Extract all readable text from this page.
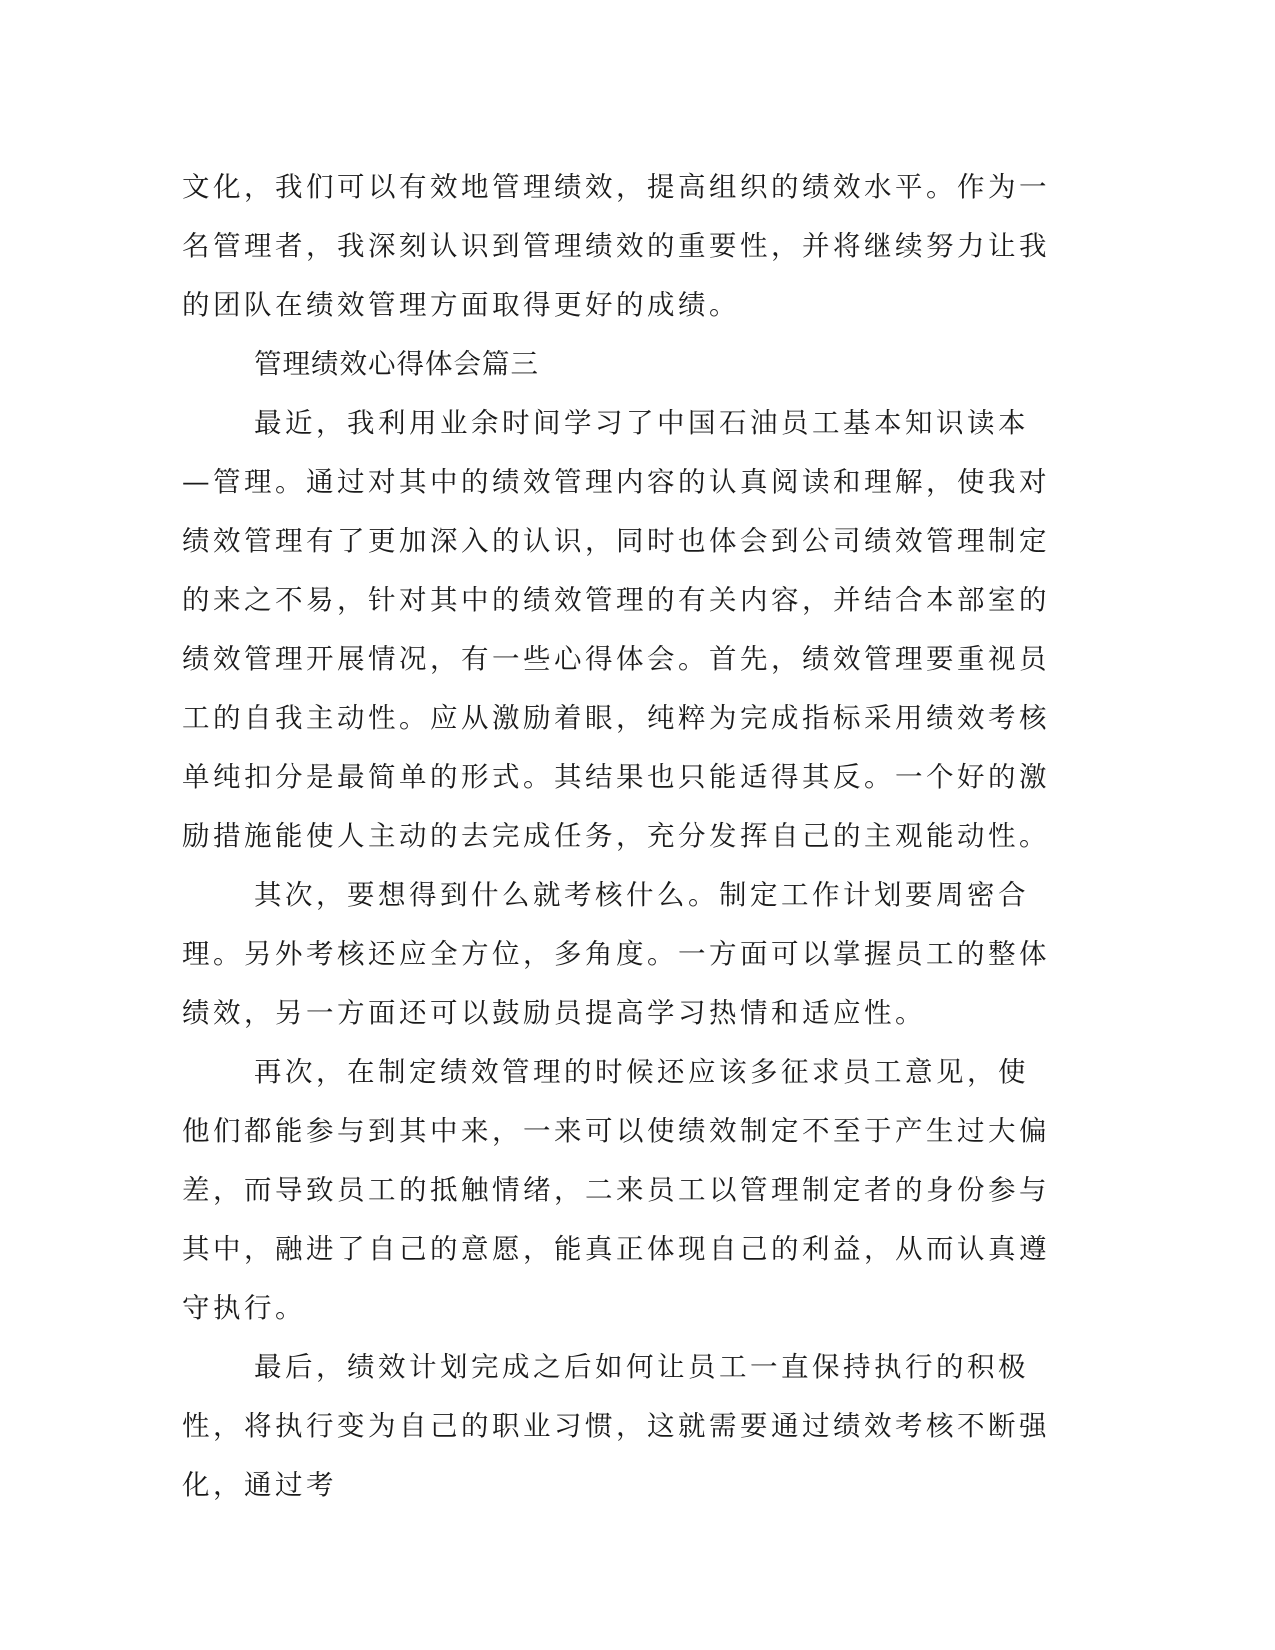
文化，我们可以有效地管理绩效，提高组织的绩效水平。作为一名管理者，我深刻认识到管理绩效的重要性，并将继续努力让我的团队在绩效管理方面取得更好的成绩。

管理绩效心得体会篇三

最近，我利用业余时间学习了中国石油员工基本知识读本—管理。通过对其中的绩效管理内容的认真阅读和理解，使我对绩效管理有了更加深入的认识，同时也体会到公司绩效管理制定的来之不易，针对其中的绩效管理的有关内容，并结合本部室的绩效管理开展情况，有一些心得体会。首先，绩效管理要重视员工的自我主动性。应从激励着眼，纯粹为完成指标采用绩效考核单纯扣分是最简单的形式。其结果也只能适得其反。一个好的激励措施能使人主动的去完成任务，充分发挥自己的主观能动性。

其次，要想得到什么就考核什么。制定工作计划要周密合理。另外考核还应全方位，多角度。一方面可以掌握员工的整体绩效，另一方面还可以鼓励员提高学习热情和适应性。

再次，在制定绩效管理的时候还应该多征求员工意见，使他们都能参与到其中来，一来可以使绩效制定不至于产生过大偏差，而导致员工的抵触情绪，二来员工以管理制定者的身份参与其中，融进了自己的意愿，能真正体现自己的利益，从而认真遵守执行。

最后，绩效计划完成之后如何让员工一直保持执行的积极性，将执行变为自己的职业习惯，这就需要通过绩效考核不断强化，通过考
